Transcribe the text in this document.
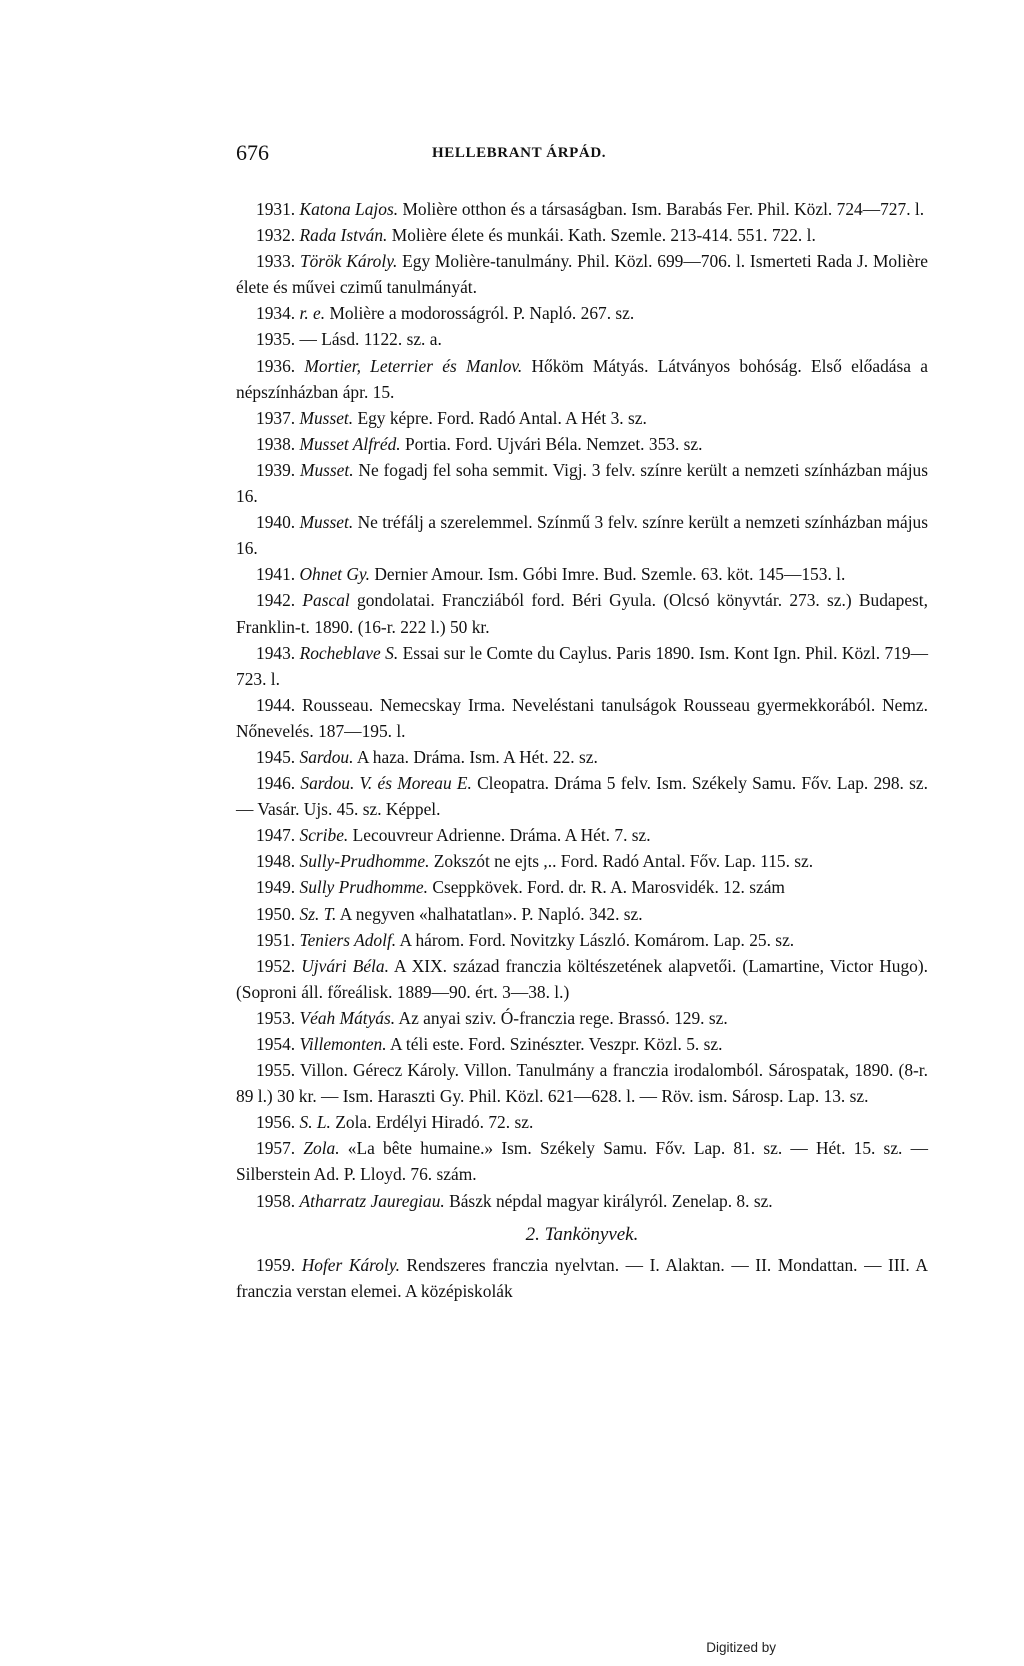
676	HELLEBRANT ÁRPÁD.

1931. Katona Lajos. Molière otthon és a társaságban. Ism. Barabás Fer. Phil. Közl. 724—727. l.

1932. Rada István. Molière élete és munkái. Kath. Szemle. 213-414. 551. 722. l.

1933. Török Károly. Egy Molière-tanulmány. Phil. Közl. 699—706. l. Ismerteti Rada J. Molière élete és művei czimű tanulmányát.

1934. r. e. Molière a modorosságról. P. Napló. 267. sz.

1935. — Lásd. 1122. sz. a.

1936. Mortier, Leterrier és Manlov. Hőköm Mátyás. Látványos bohóság. Első előadása a népszínházban ápr. 15.

1937. Musset. Egy képre. Ford. Radó Antal. A Hét 3. sz.

1938. Musset Alfréd. Portia. Ford. Ujvári Béla. Nemzet. 353. sz.

1939. Musset. Ne fogadj fel soha semmit. Vigj. 3 felv. színre került a nemzeti színházban május 16.

1940. Musset. Ne tréfálj a szerelemmel. Színmű 3 felv. színre került a nemzeti színházban május 16.

1941. Ohnet Gy. Dernier Amour. Ism. Góbi Imre. Bud. Szemle. 63. köt. 145—153. l.

1942. Pascal gondolatai. Francziából ford. Béri Gyula. (Olcsó könyvtár. 273. sz.) Budapest, Franklin-t. 1890. (16-r. 222 l.) 50 kr.

1943. Rocheblave S. Essai sur le Comte du Caylus. Paris 1890. Ism. Kont Ign. Phil. Közl. 719—723. l.

1944. Rousseau. Nemecskay Irma. Neveléstani tanulságok Rousseau gyermekkorából. Nemz. Nőnevelés. 187—195. l.

1945. Sardou. A haza. Dráma. Ism. A Hét. 22. sz.

1946. Sardou. V. és Moreau E. Cleopatra. Dráma 5 felv. Ism. Székely Samu. Főv. Lap. 298. sz. — Vasár. Ujs. 45. sz. Képpel.

1947. Scribe. Lecouvreur Adrienne. Dráma. A Hét. 7. sz.

1948. Sully-Prudhomme. Zokszót ne ejts ,.. Ford. Radó Antal. Főv. Lap. 115. sz.

1949. Sully Prudhomme. Cseppkövek. Ford. dr. R. A. Marosvidék. 12. szám

1950. Sz. T. A negyven «halhatatlan». P. Napló. 342. sz.

1951. Teniers Adolf. A három. Ford. Novitzky László. Komárom. Lap. 25. sz.

1952. Ujvári Béla. A XIX. század franczia költészetének alapvetői. (Lamartine, Victor Hugo). (Soproni áll. főreálisk. 1889—90. ért. 3—38. l.)

1953. Véah Mátyás. Az anyai sziv. Ó-franczia rege. Brassó. 129. sz.

1954. Villemonten. A téli este. Ford. Szinészter. Veszpr. Közl. 5. sz.

1955. Villon. Gérecz Károly. Villon. Tanulmány a franczia irodalomból. Sárospatak, 1890. (8-r. 89 l.) 30 kr. — Ism. Haraszti Gy. Phil. Közl. 621—628. l. — Röv. ism. Sárosp. Lap. 13. sz.

1956. S. L. Zola. Erdélyi Hiradó. 72. sz.

1957. Zola. «La bête humaine.» Ism. Székely Samu. Főv. Lap. 81. sz. — Hét. 15. sz. — Silberstein Ad. P. Lloyd. 76. szám.

1958. Atharratz Jauregiau. Bászk népdal magyar királyról. Zenelap. 8. sz.

2. Tankönyvek.

1959. Hofer Károly. Rendszeres franczia nyelvtan. — I. Alaktan. — II. Mondattan. — III. A franczia verstan elemei. A középiskolák

Digitized by
